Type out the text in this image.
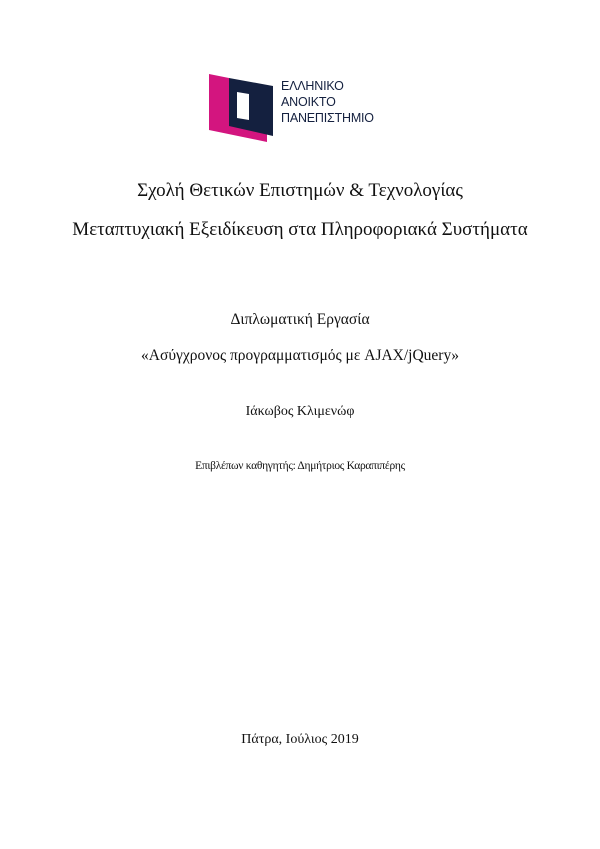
ΕΛΛΗΝΙΚΟ
ΑΝΟΙΚΤΟ
ΠΑΝΕΠΙΣΤΗΜΙΟ
Σχολή Θετικών Επιστημών & Τεχνολογίας
Μεταπτυχιακή Εξειδίκευση στα Πληροφοριακά Συστήματα
Διπλωματική Εργασία
«Ασύγχρονος προγραμματισμός με AJAX/jQuery»
Ιάκωβος Κλιμενώφ
Επιβλέπων καθηγητής: Δημήτριος Καραπιπέρης
Πάτρα, Ιούλιος 2019
